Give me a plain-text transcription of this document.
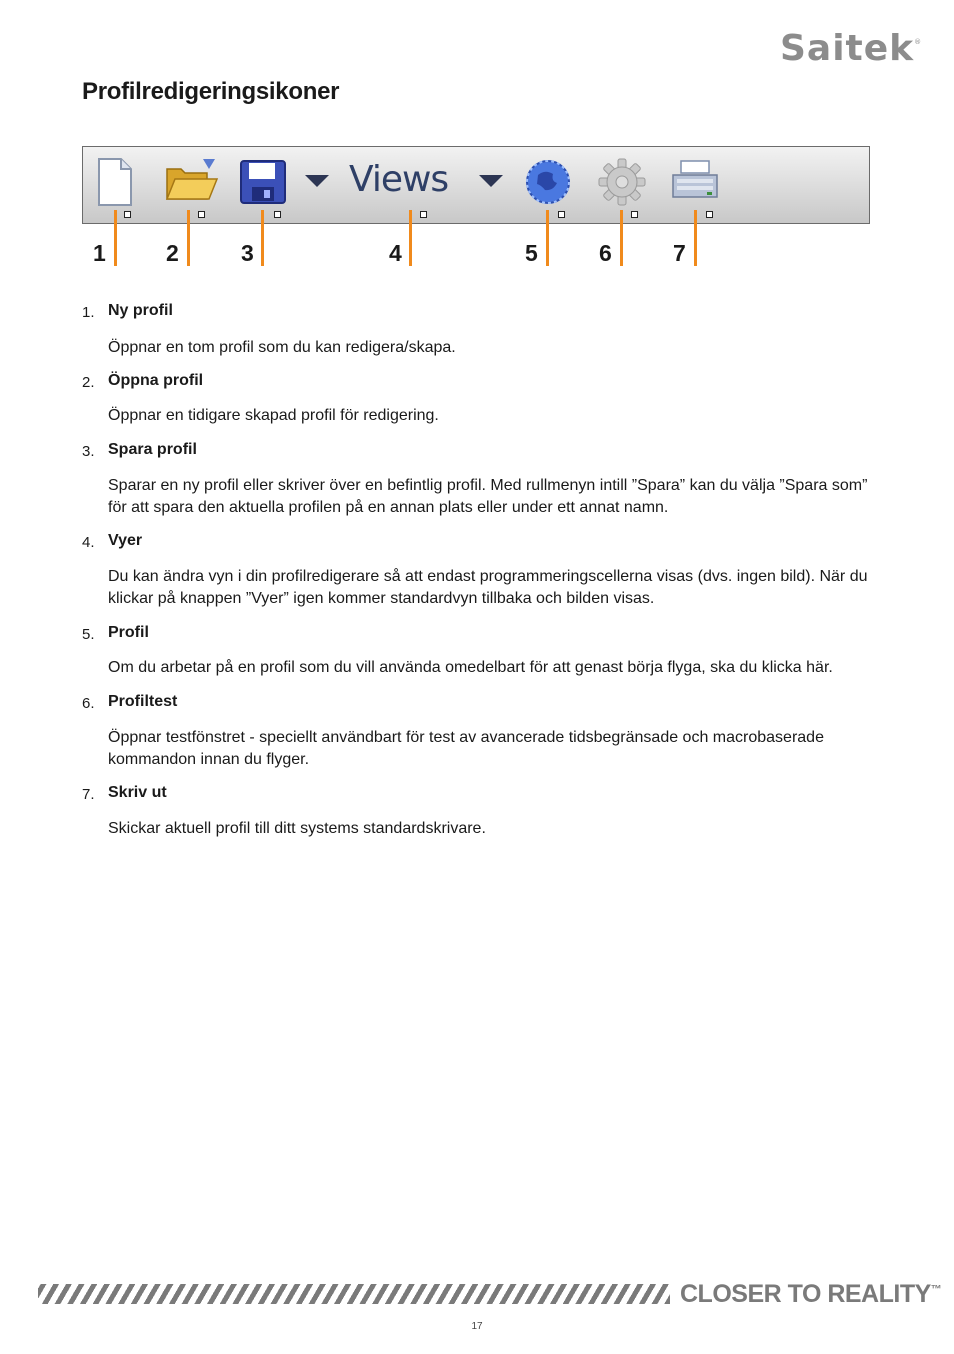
Saitek®
Profilredigeringsikoner
Views
1	2	3	4	5	6	7
1. Ny profil
Öppnar en tom profil som du kan redigera/skapa.
2. Öppna profil
Öppnar en tidigare skapad profil för redigering.
3. Spara profil
Sparar en ny profil eller skriver över en befintlig profil. Med rullmenyn intill ”Spara” kan du välja ”Spara som” för att spara den aktuella profilen på en annan plats eller under ett annat namn.
4. Vyer
Du kan ändra vyn i din profilredigerare så att endast programmeringscellerna visas (dvs. ingen bild). När du klickar på knappen ”Vyer” igen kommer standardvyn tillbaka och bilden visas.
5. Profil
Om du arbetar på en profil som du vill använda omedelbart för att genast börja flyga, ska du klicka här.
6. Profiltest
Öppnar testfönstret - speciellt användbart för test av avancerade tidsbegränsade och macrobaserade kommandon innan du flyger.
7. Skriv ut
Skickar aktuell profil till ditt systems standardskrivare.
CLOSER TO REALITY™
17
